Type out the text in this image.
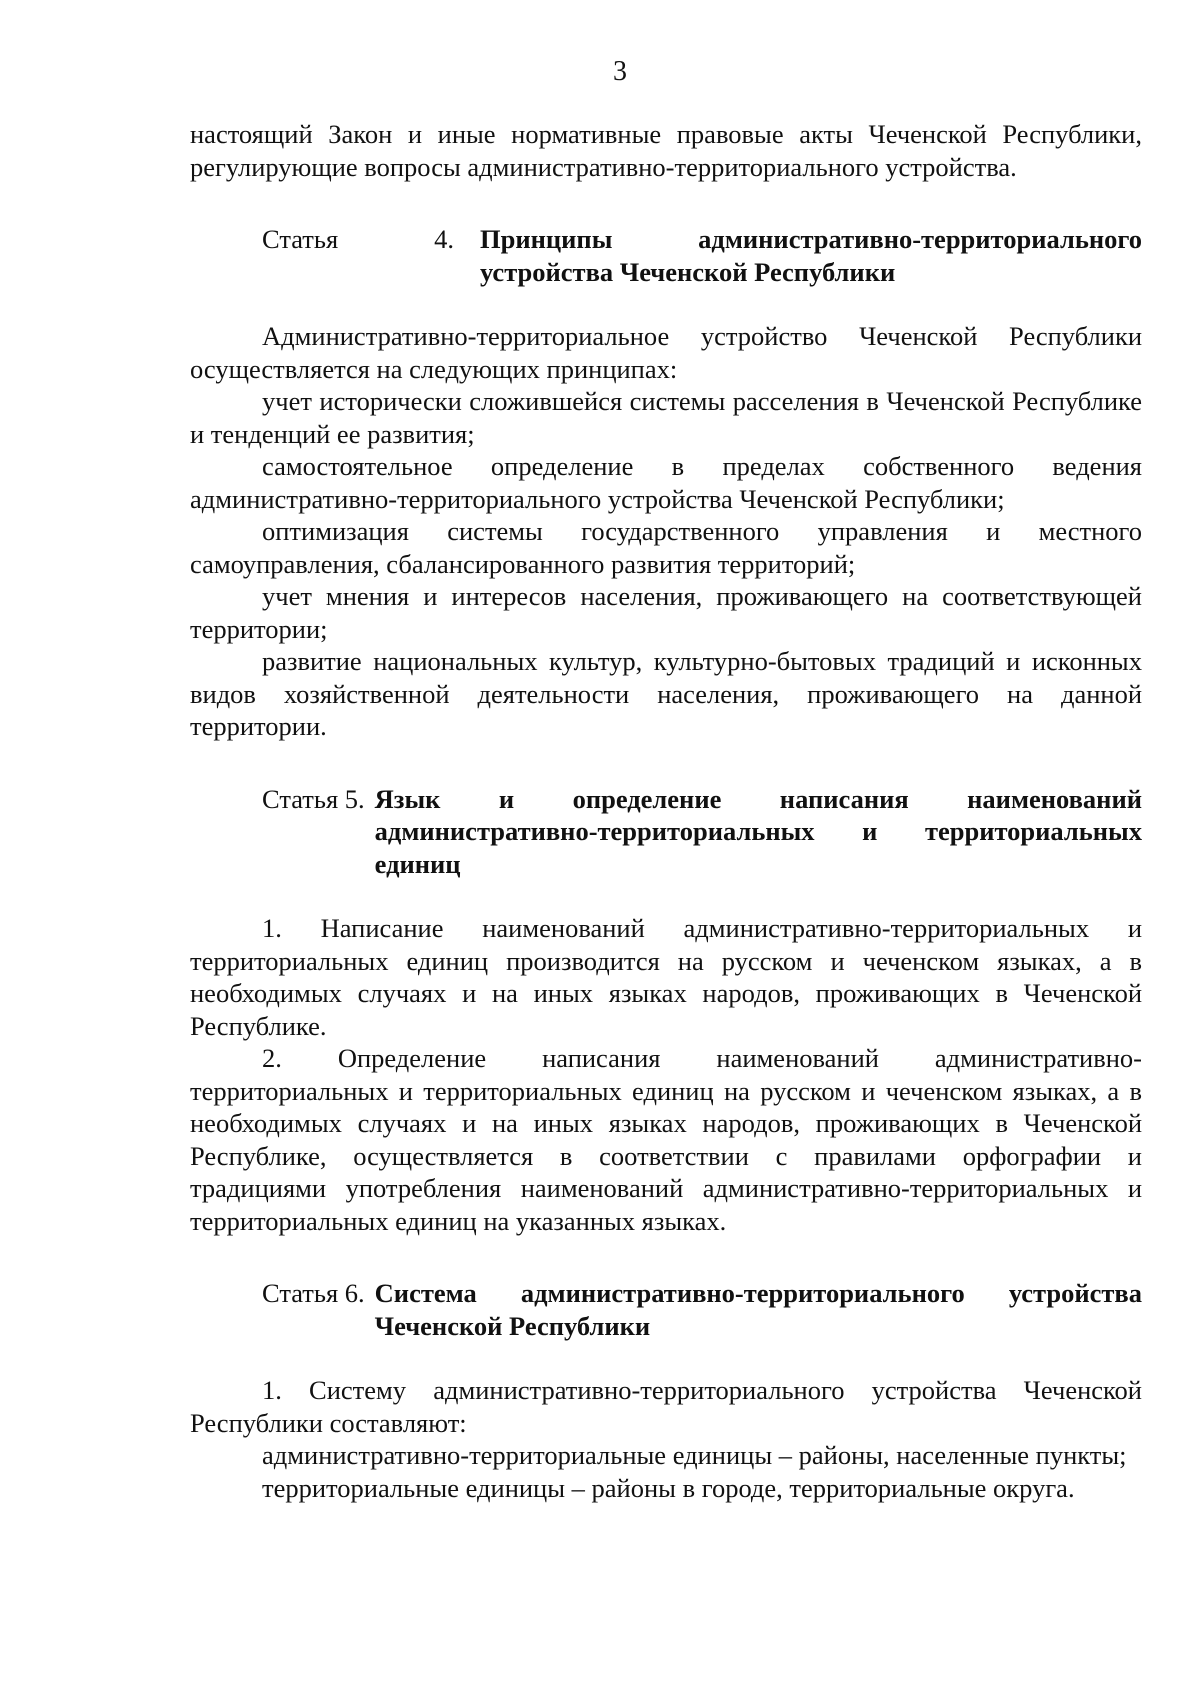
3

настоящий Закон и иные нормативные правовые акты Чеченской Республики, регулирующие вопросы административно-территориального устройства.

Статья	4. Принципы административно-территориального устройства Чеченской Республики

Административно-территориальное устройство Чеченской Республики осуществляется на следующих принципах:

учет исторически сложившейся системы расселения в Чеченской Республике и тенденций ее развития;

самостоятельное определение в пределах собственного ведения административно-территориального устройства Чеченской Республики;

оптимизация системы государственного управления и местного самоуправления, сбалансированного развития территорий;

учет мнения и интересов населения, проживающего на соответствующей территории;

развитие национальных культур, культурно-бытовых традиций и исконных видов хозяйственной деятельности населения, проживающего на данной территории.

Статья 5. Язык и определение написания наименований административно-территориальных и территориальных единиц

1. Написание наименований административно-территориальных и территориальных единиц производится на русском и чеченском языках, а в необходимых случаях и на иных языках народов, проживающих в Чеченской Республике.

2. Определение написания наименований административно-территориальных и территориальных единиц на русском и чеченском языках, а в необходимых случаях и на иных языках народов, проживающих в Чеченской Республике, осуществляется в соответствии с правилами орфографии и традициями употребления наименований административно-территориальных и территориальных единиц на указанных языках.

Статья 6. Система административно-территориального устройства Чеченской Республики

1. Систему административно-территориального устройства Чеченской Республики составляют:

административно-территориальные единицы – районы, населенные пункты;

территориальные единицы – районы в городе, территориальные округа.
